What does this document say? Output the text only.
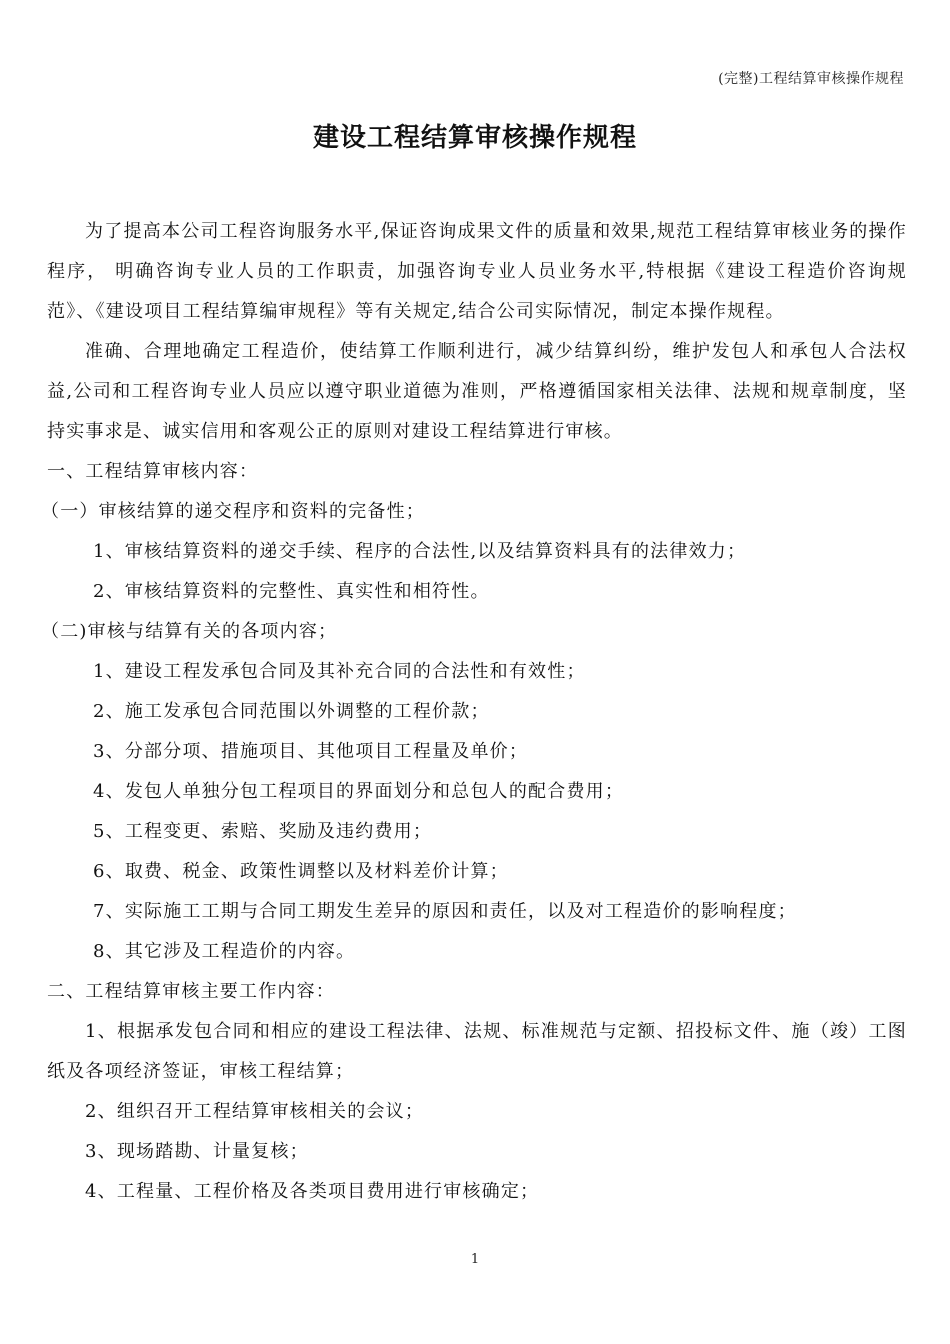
(完整)工程结算审核操作规程
建设工程结算审核操作规程

为了提高本公司工程咨询服务水平,保证咨询成果文件的质量和效果,规范工程结算审核业务的操作程序， 明确咨询专业人员的工作职责，加强咨询专业人员业务水平,特根据《建设工程造价咨询规范》、《建设项目工程结算编审规程》等有关规定,结合公司实际情况，制定本操作规程。

准确、合理地确定工程造价，使结算工作顺利进行，减少结算纠纷，维护发包人和承包人合法权益,公司和工程咨询专业人员应以遵守职业道德为准则，严格遵循国家相关法律、法规和规章制度，坚持实事求是、诚实信用和客观公正的原则对建设工程结算进行审核。

一、工程结算审核内容：

（一）审核结算的递交程序和资料的完备性；

1、审核结算资料的递交手续、程序的合法性,以及结算资料具有的法律效力；

2、审核结算资料的完整性、真实性和相符性。

（二)审核与结算有关的各项内容；

1、建设工程发承包合同及其补充合同的合法性和有效性；

2、施工发承包合同范围以外调整的工程价款；

3、分部分项、措施项目、其他项目工程量及单价；

4、发包人单独分包工程项目的界面划分和总包人的配合费用；

5、工程变更、索赔、奖励及违约费用；

6、取费、税金、政策性调整以及材料差价计算；

7、实际施工工期与合同工期发生差异的原因和责任，以及对工程造价的影响程度；

8、其它涉及工程造价的内容。

二、工程结算审核主要工作内容：

1、根据承发包合同和相应的建设工程法律、法规、标准规范与定额、招投标文件、施（竣）工图纸及各项经济签证，审核工程结算；

2、组织召开工程结算审核相关的会议；

3、现场踏勘、计量复核；

4、工程量、工程价格及各类项目费用进行审核确定；

1
